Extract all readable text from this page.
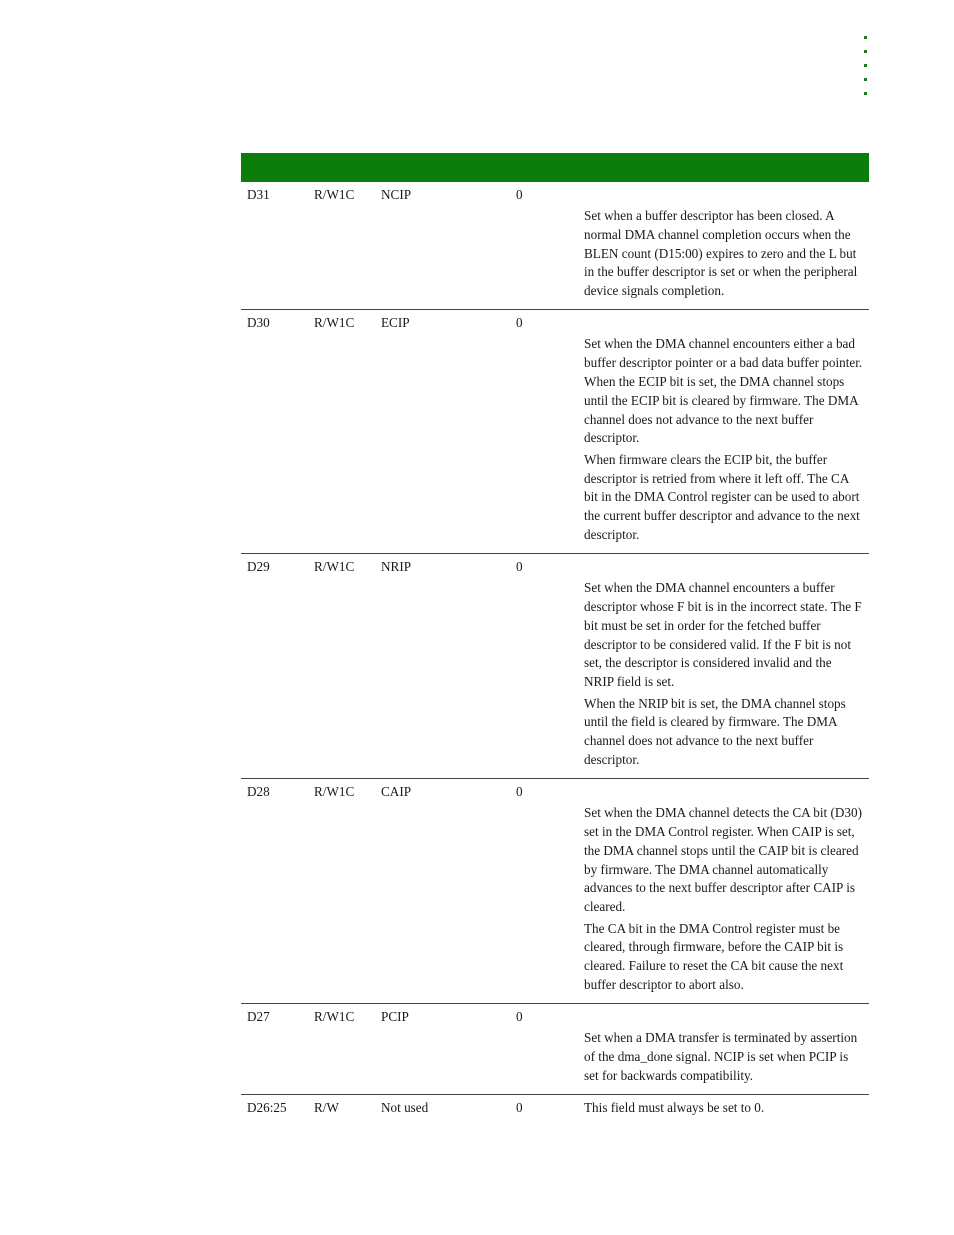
D31	R/W1C NCIP	0

Set when a buffer descriptor has been closed. A normal DMA channel completion occurs when the BLEN count (D15:00) expires to zero and the L but in the buffer descriptor is set or when the peripheral device signals completion.

D30	R/W1C ECIP	0

Set when the DMA channel encounters either a bad buffer descriptor pointer or a bad data buffer pointer. When the ECIP bit is set, the DMA channel stops until the ECIP bit is cleared by firmware. The DMA channel does not advance to the next buffer descriptor.

When firmware clears the ECIP bit, the buffer descriptor is retried from where it left off. The CA bit in the DMA Control register can be used to abort the current buffer descriptor and advance to the next descriptor.

D29	R/W1C NRIP	0

Set when the DMA channel encounters a buffer descriptor whose F bit is in the incorrect state. The F bit must be set in order for the fetched buffer descriptor to be considered valid. If the F bit is not set, the descriptor is considered invalid and the NRIP field is set.

When the NRIP bit is set, the DMA channel stops until the field is cleared by firmware. The DMA channel does not advance to the next buffer descriptor.

D28	R/W1C CAIP	0

Set when the DMA channel detects the CA bit (D30) set in the DMA Control register. When CAIP is set, the DMA channel stops until the CAIP bit is cleared by firmware. The DMA channel automatically advances to the next buffer descriptor after CAIP is cleared.

The CA bit in the DMA Control register must be cleared, through firmware, before the CAIP bit is cleared. Failure to reset the CA bit cause the next buffer descriptor to abort also.

D27	R/W1C PCIP	0

Set when a DMA transfer is terminated by assertion of the dma_done signal. NCIP is set when PCIP is set for backwards compatibility.

D26:25 R/W	Not used	0	This field must always be set to 0.
